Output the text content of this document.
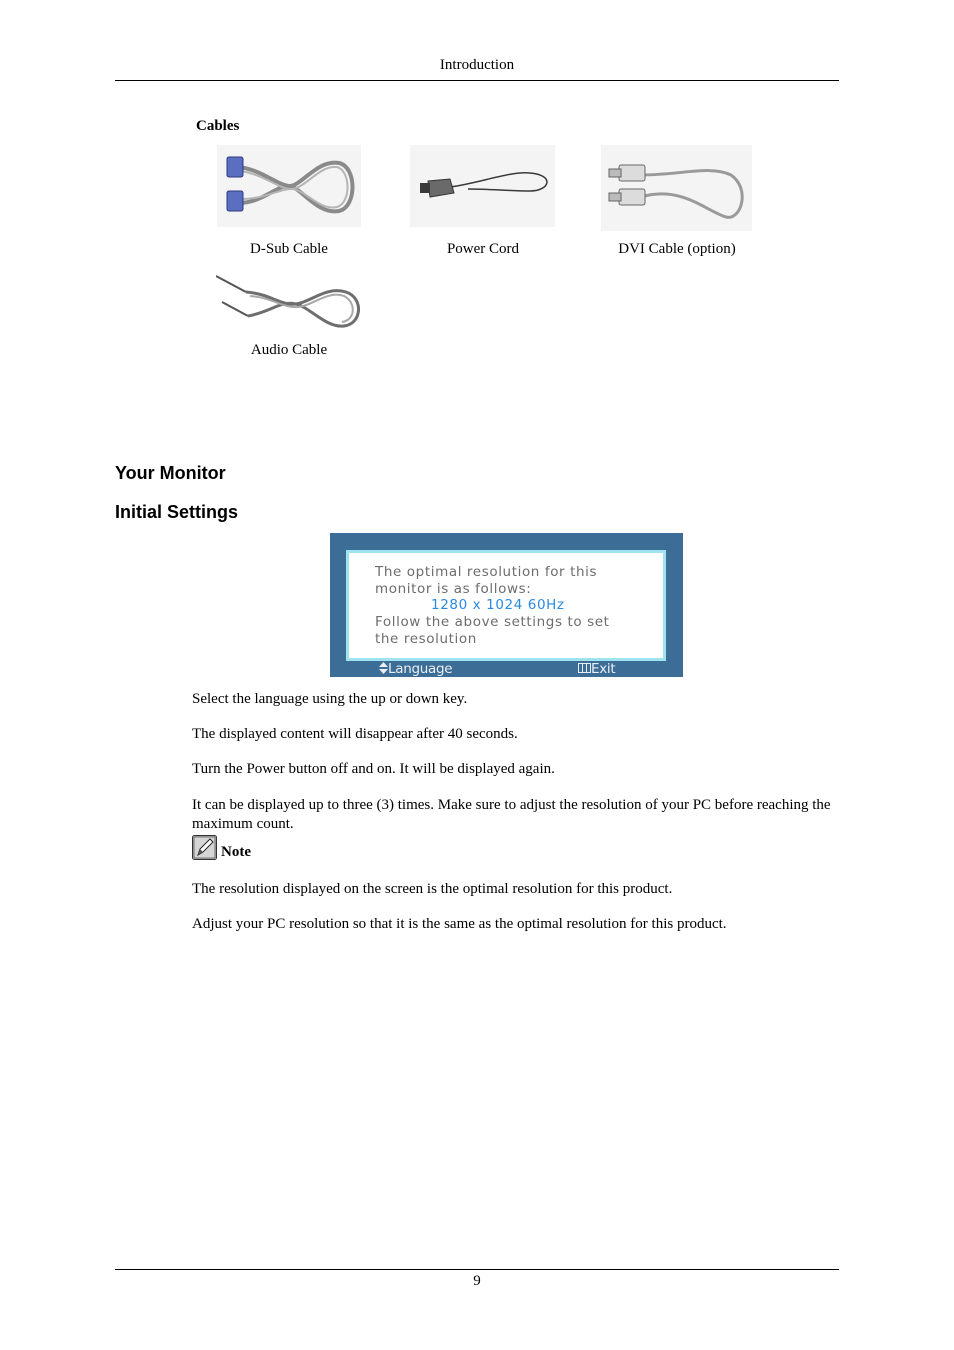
Introduction
Cables
D-Sub Cable	Power Cord	DVI Cable (option)
Audio Cable
Your Monitor
Initial Settings
The optimal resolution for this
monitor is as follows:
1280 x 1024 60Hz
Follow the above settings to set
the resolution
Language	Exit
Select the language using the up or down key.
The displayed content will disappear after 40 seconds.
Turn the Power button off and on. It will be displayed again.
It can be displayed up to three (3) times. Make sure to adjust the resolution of your PC before reaching the maximum count.
Note
The resolution displayed on the screen is the optimal resolution for this product.
Adjust your PC resolution so that it is the same as the optimal resolution for this product.
9
